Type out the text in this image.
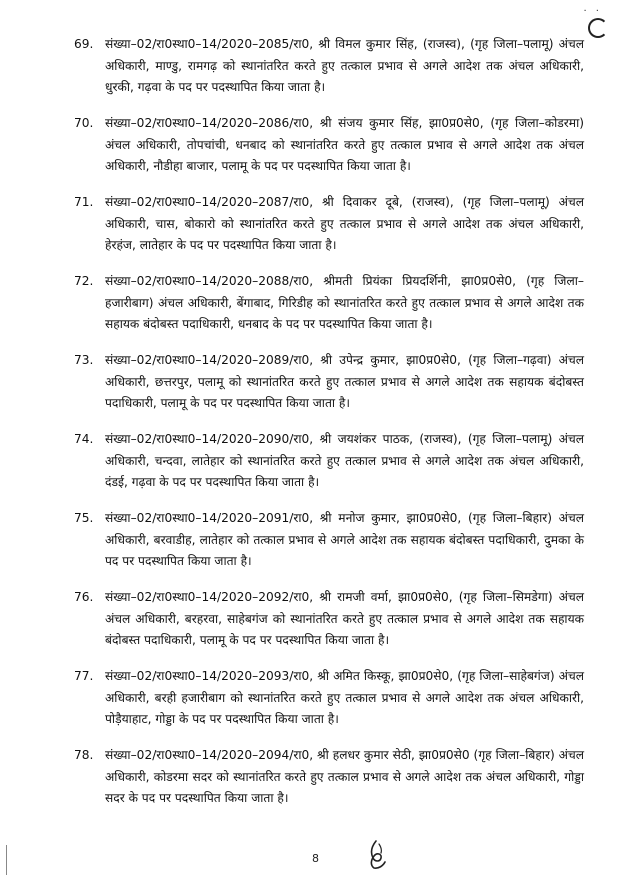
· ·
69. संख्या–02/रा0स्था0–14/2020–2085/रा0, श्री विमल कुमार सिंह, (राजस्व), (गृह जिला–पलामू) अंचल अधिकारी, माण्डु, रामगढ़ को स्थानांतरित करते हुए तत्काल प्रभाव से अगले आदेश तक अंचल अधिकारी, धुरकी, गढ़वा के पद पर पदस्थापित किया जाता है।
70. संख्या–02/रा0स्था0–14/2020–2086/रा0, श्री संजय कुमार सिंह, झा0प्र0से0, (गृह जिला–कोडरमा) अंचल अधिकारी, तोपचांची, धनबाद को स्थानांतरित करते हुए तत्काल प्रभाव से अगले आदेश तक अंचल अधिकारी, नौडीहा बाजार, पलामू के पद पर पदस्थापित किया जाता है।
71. संख्या–02/रा0स्था0–14/2020–2087/रा0, श्री दिवाकर दूबे, (राजस्व), (गृह जिला–पलामू) अंचल अधिकारी, चास, बोकारो को स्थानांतरित करते हुए तत्काल प्रभाव से अगले आदेश तक अंचल अधिकारी, हेरहंज, लातेहार के पद पर पदस्थापित किया जाता है।
72. संख्या–02/रा0स्था0–14/2020–2088/रा0, श्रीमती प्रियंका प्रियदर्शिनी, झा0प्र0से0, (गृह जिला–हजारीबाग) अंचल अधिकारी, बेंगाबाद, गिरिडीह को स्थानांतरित करते हुए तत्काल प्रभाव से अगले आदेश तक सहायक बंदोबस्त पदाधिकारी, धनबाद के पद पर पदस्थापित किया जाता है।
73. संख्या–02/रा0स्था0–14/2020–2089/रा0, श्री उपेन्द्र कुमार, झा0प्र0से0, (गृह जिला–गढ़वा) अंचल अधिकारी, छत्तरपुर, पलामू को स्थानांतरित करते हुए तत्काल प्रभाव से अगले आदेश तक सहायक बंदोबस्त पदाधिकारी, पलामू के पद पर पदस्थापित किया जाता है।
74. संख्या–02/रा0स्था0–14/2020–2090/रा0, श्री जयशंकर पाठक, (राजस्व), (गृह जिला–पलामू) अंचल अधिकारी, चन्दवा, लातेहार को स्थानांतरित करते हुए तत्काल प्रभाव से अगले आदेश तक अंचल अधिकारी, दंडई, गढ़वा के पद पर पदस्थापित किया जाता है।
75. संख्या–02/रा0स्था0–14/2020–2091/रा0, श्री मनोज कुमार, झा0प्र0से0, (गृह जिला–बिहार) अंचल अधिकारी, बरवाडीह, लातेहार को तत्काल प्रभाव से अगले आदेश तक सहायक बंदोबस्त पदाधिकारी, दुमका के पद पर पदस्थापित किया जाता है।
76. संख्या–02/रा0स्था0–14/2020–2092/रा0, श्री रामजी वर्मा, झा0प्र0से0, (गृह जिला–सिमडेगा) अंचल अंचल अधिकारी, बरहरवा, साहेबगंज को स्थानांतरित करते हुए तत्काल प्रभाव से अगले आदेश तक सहायक बंदोबस्त पदाधिकारी, पलामू के पद पर पदस्थापित किया जाता है।
77. संख्या–02/रा0स्था0–14/2020–2093/रा0, श्री अमित किस्कू, झा0प्र0से0, (गृह जिला–साहेबगंज) अंचल अधिकारी, बरही हजारीबाग को स्थानांतरित करते हुए तत्काल प्रभाव से अगले आदेश तक अंचल अधिकारी, पोड़ैयाहाट, गोड्डा के पद पर पदस्थापित किया जाता है।
78. संख्या–02/रा0स्था0–14/2020–2094/रा0, श्री हलधर कुमार सेठी, झा0प्र0से0 (गृह जिला–बिहार) अंचल अधिकारी, कोडरमा सदर को स्थानांतरित करते हुए तत्काल प्रभाव से अगले आदेश तक अंचल अधिकारी, गोड्डा सदर के पद पर पदस्थापित किया जाता है।
8
